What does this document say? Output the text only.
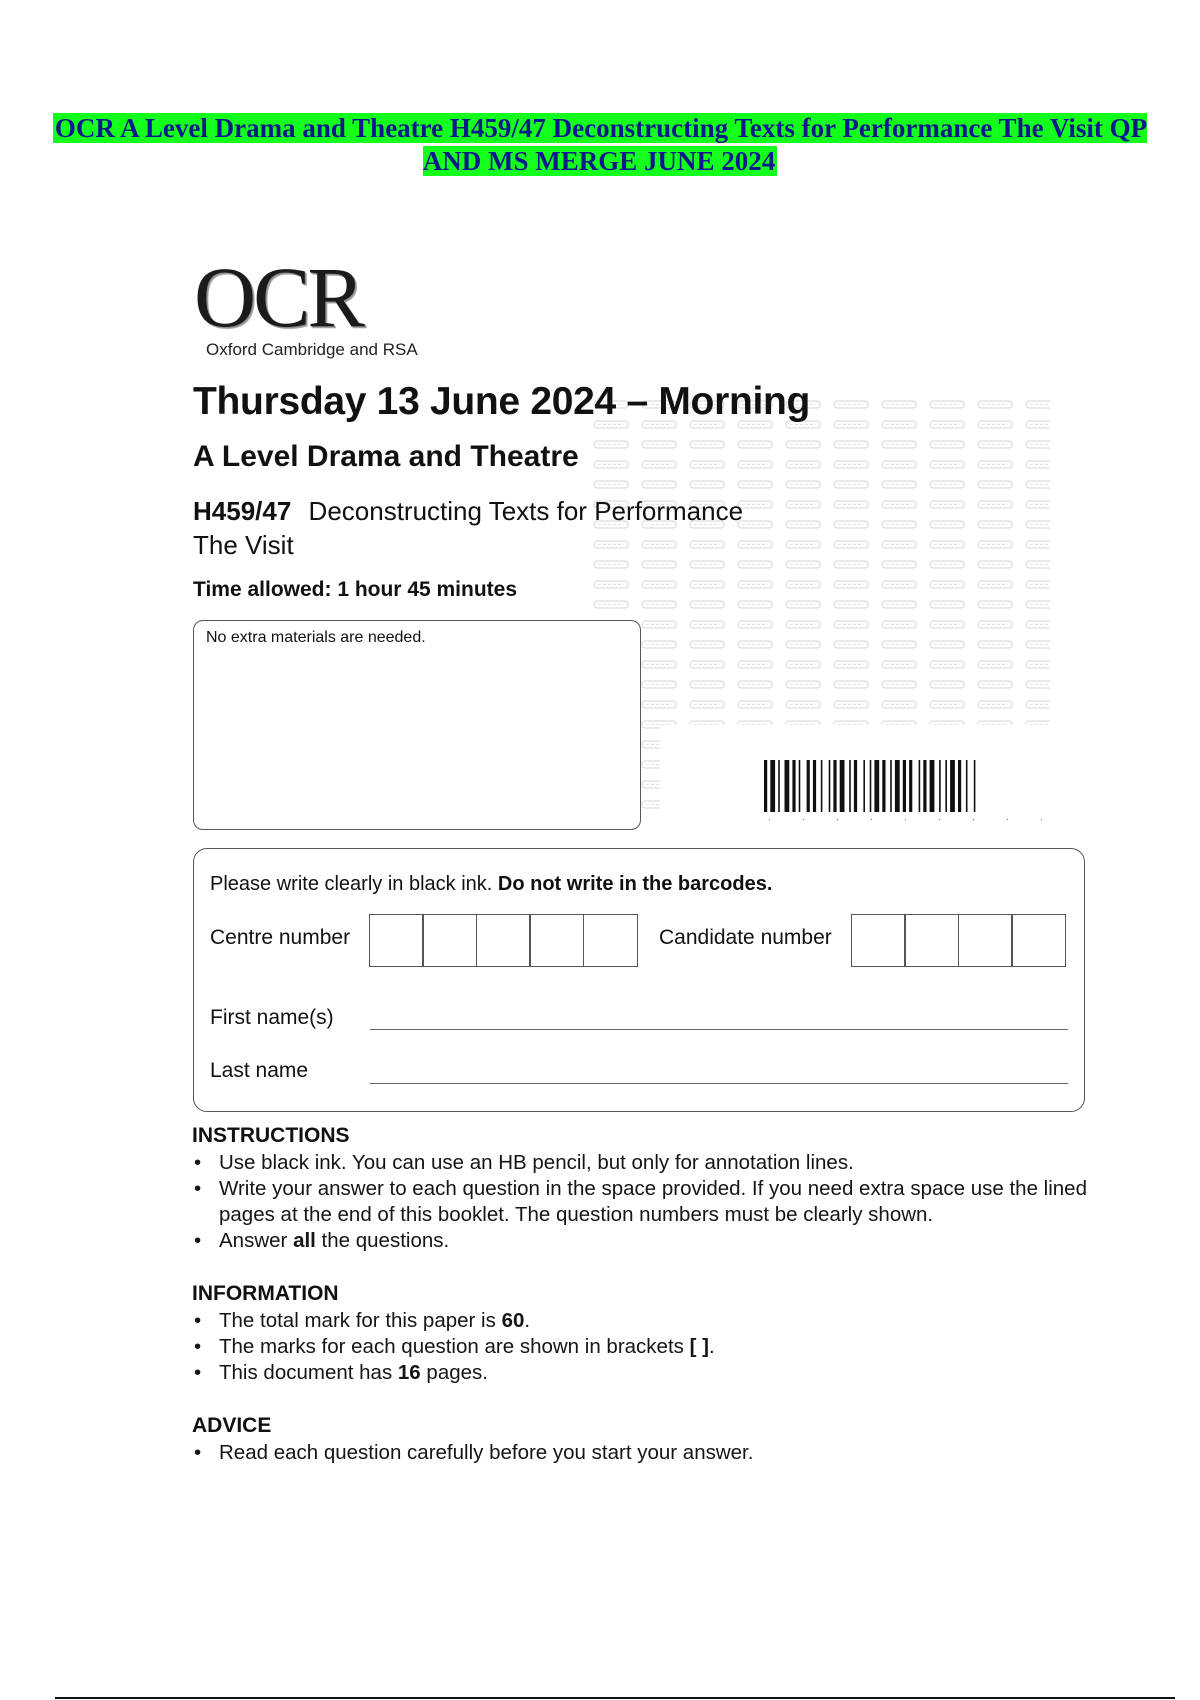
OCR A Level Drama and Theatre H459/47 Deconstructing Texts for Performance The Visit QP AND MS MERGE JUNE 2024
OCR
Oxford Cambridge and RSA
Thursday 13 June 2024 – Morning
A Level Drama and Theatre
H459/47 Deconstructing Texts for Performance
The Visit
Time allowed: 1 hour 45 minutes
No extra materials are needed.
.	.	.	.	.	.	.	.	.
Please write clearly in black ink. Do not write in the barcodes.
Centre number	Candidate number
First name(s)
Last name
INSTRUCTIONS
• Use black ink. You can use an HB pencil, but only for annotation lines.
• Write your answer to each question in the space provided. If you need extra space use the lined pages at the end of this booklet. The question numbers must be clearly shown.
• Answer all the questions.
INFORMATION
• The total mark for this paper is 60.
• The marks for each question are shown in brackets [ ].
• This document has 16 pages.
ADVICE
• Read each question carefully before you start your answer.
